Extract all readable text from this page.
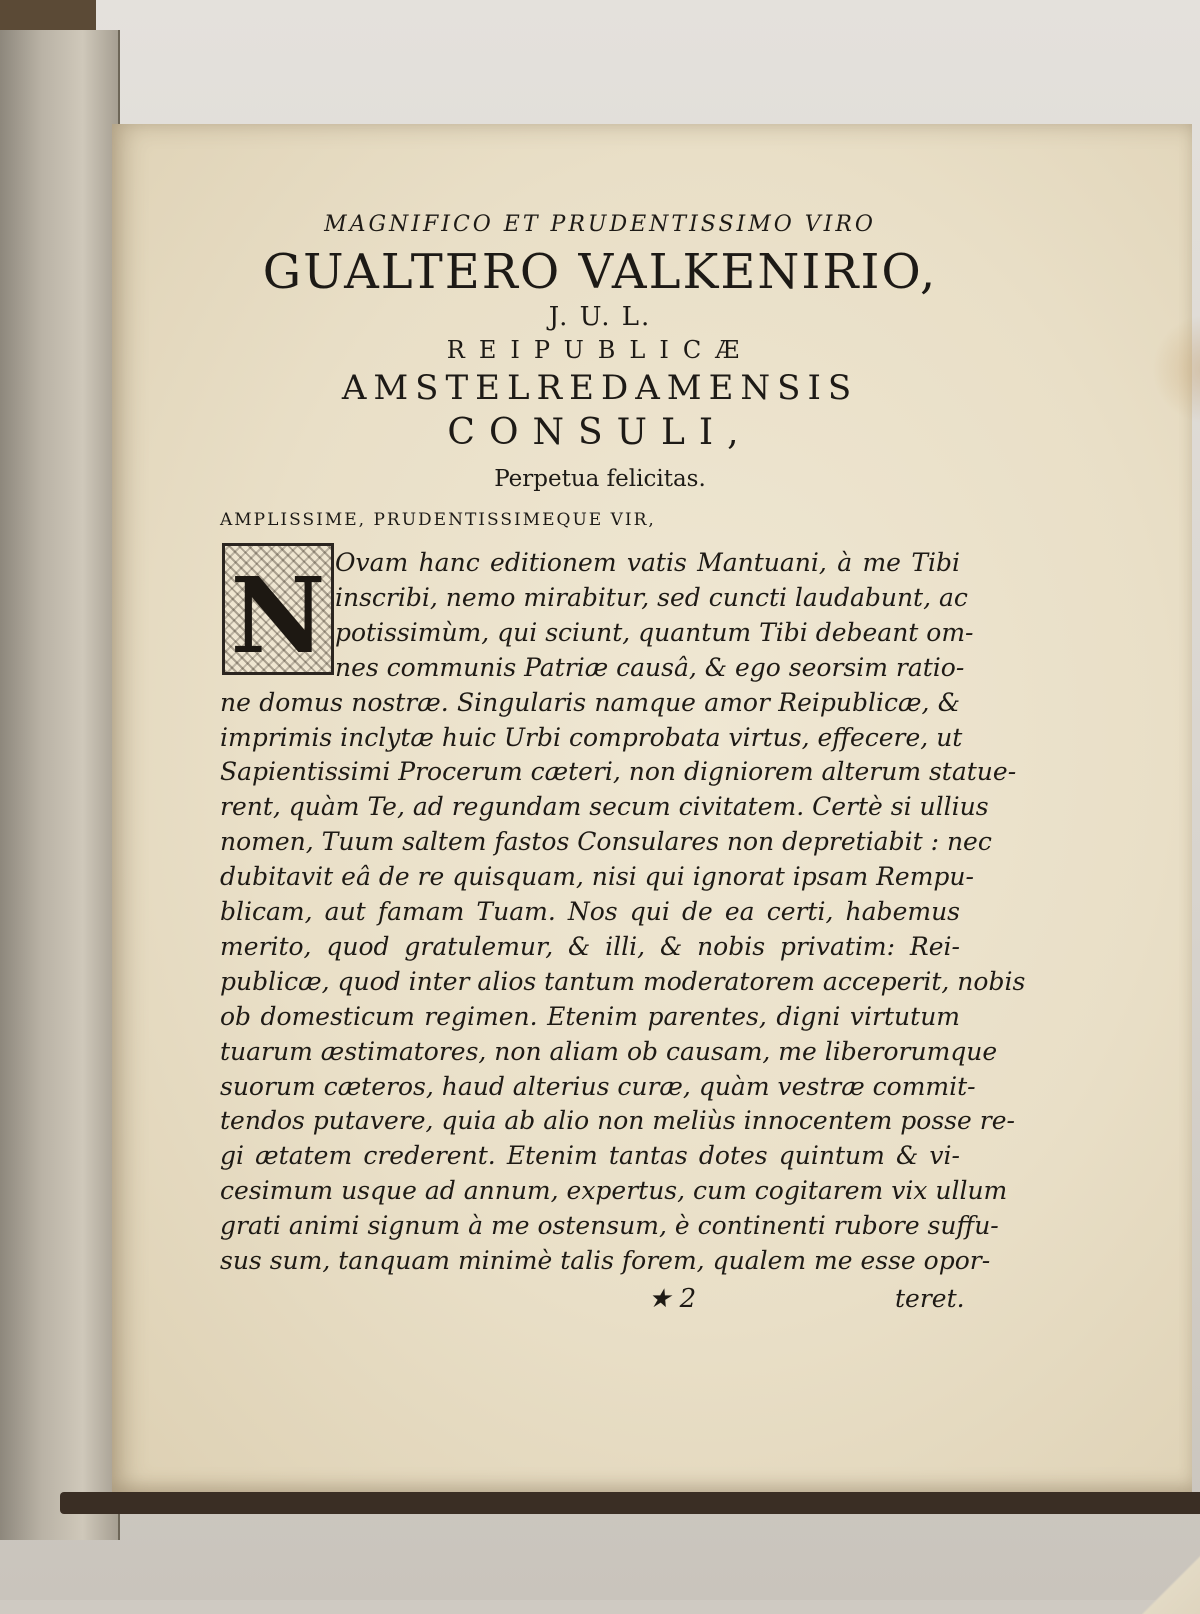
MAGNIFICO ET PRUDENTISSIMO VIRO
GUALTERO VALKENIRIO,
J. U. L.
REIPUBLICÆ
AMSTELREDAMENSIS
CONSULI,
Perpetua felicitas.
AMPLISSIME, PRUDENTISSIMEQUE VIR,
N Ovam hanc editionem vatis Mantuani, à me Tibi
inscribi, nemo mirabitur, sed cuncti laudabunt, ac
potissimùm, qui sciunt, quantum Tibi debeant om-
nes communis Patriæ causâ, & ego seorsim ratio-
ne domus nostræ. Singularis namque amor Reipublicæ, &
imprimis inclytæ huic Urbi comprobata virtus, effecere, ut
Sapientissimi Procerum cæteri, non digniorem alterum statue-
rent, quàm Te, ad regundam secum civitatem. Certè si ullius
nomen, Tuum saltem fastos Consulares non depretiabit : nec
dubitavit eâ de re quisquam, nisi qui ignorat ipsam Rempu-
blicam, aut famam Tuam. Nos qui de ea certi, habemus
merito, quod gratulemur, & illi, & nobis privatim: Rei-
publicæ, quod inter alios tantum moderatorem acceperit, nobis
ob domesticum regimen. Etenim parentes, digni virtutum
tuarum æstimatores, non aliam ob causam, me liberorumque
suorum cæteros, haud alterius curæ, quàm vestræ commit-
tendos putavere, quia ab alio non meliùs innocentem posse re-
gi ætatem crederent. Etenim tantas dotes quintum & vi-
cesimum usque ad annum, expertus, cum cogitarem vix ullum
grati animi signum à me ostensum, è continenti rubore suffu-
sus sum, tanquam minimè talis forem, qualem me esse opor-
★ 2	teret.
